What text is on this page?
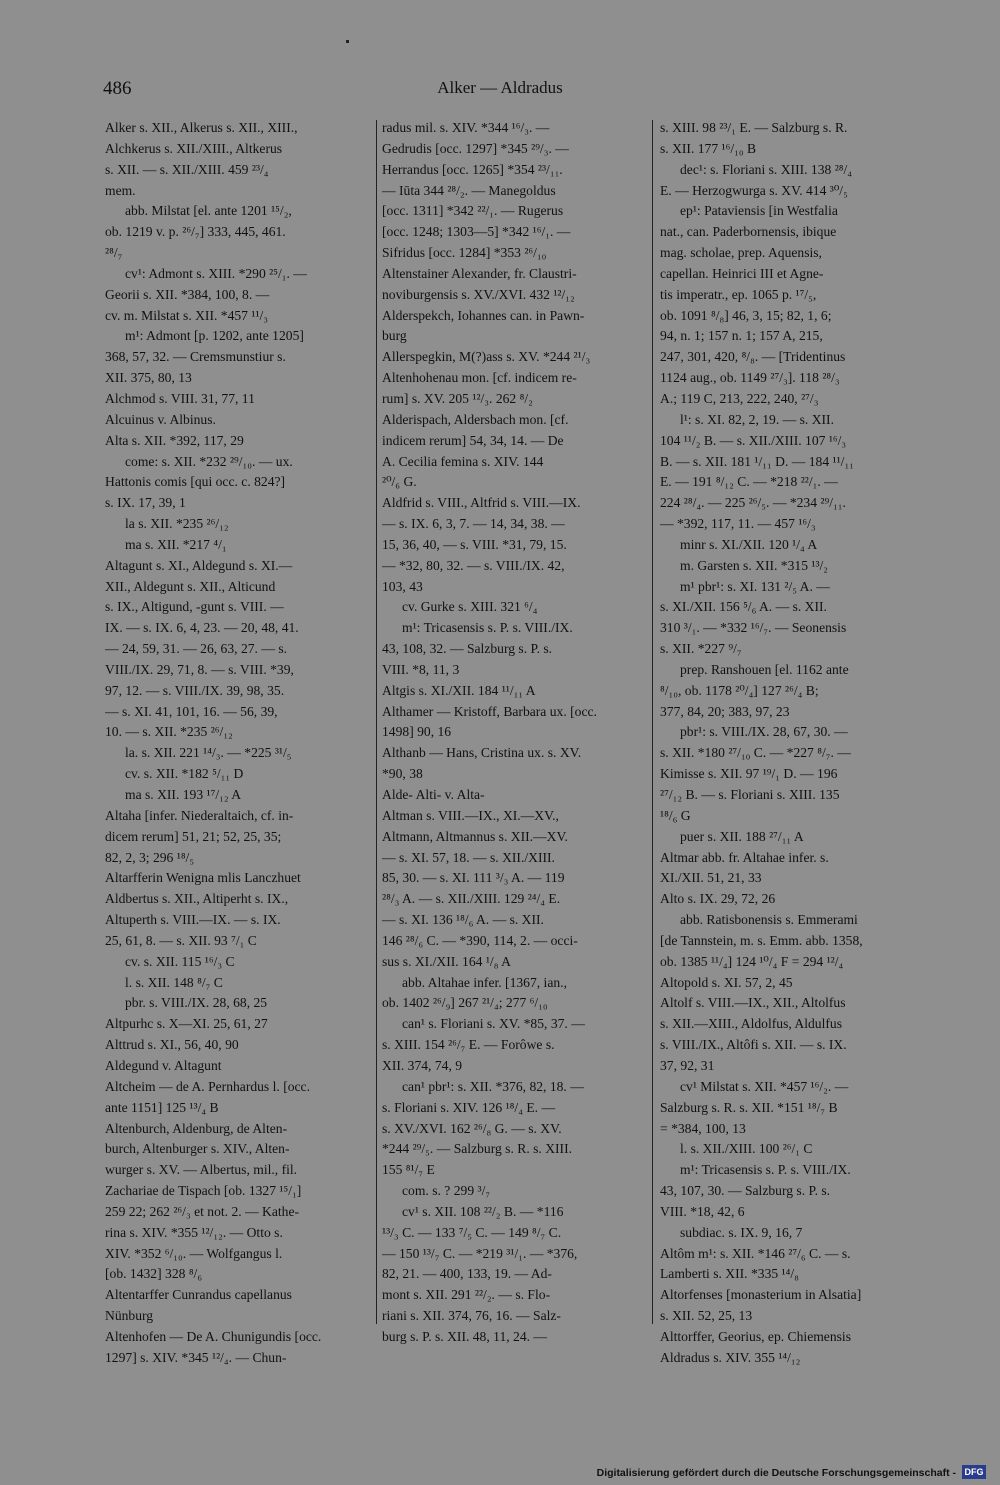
486	Alker — Aldradus
Alker s. XII., Alkerus s. XII., XIII.,
Alchkerus s. XII./XIII., Altkerus
s. XII. — s. XII./XIII. 459 ²³/₄
mem.
abb. Milstat [el. ante 1201 ¹⁵/₂,
ob. 1219 v. p. ²⁶/₇] 333, 445, 461.
²⁸/₇
cv¹: Admont s. XIII. *290 ²⁵/₁. —
Georii s. XII. *384, 100, 8. —
cv. m. Milstat s. XII. *457 ¹¹/₃
m¹: Admont [p. 1202, ante 1205]
368, 57, 32. — Cremsmunstiur s.
XII. 375, 80, 13
Alchmod s. VIII. 31, 77, 11
Alcuinus v. Albinus.
Alta s. XII. *392, 117, 29
come: s. XII. *232 ²⁹/₁₀. — ux.
Hattonis comis [qui occ. c. 824?]
s. IX. 17, 39, 1
la s. XII. *235 ²⁶/₁₂
ma s. XII. *217 ⁴/₁
Altagunt s. XI., Aldegund s. XI.—
XII., Aldegunt s. XII., Alticund
s. IX., Altigund, -gunt s. VIII. —
IX. — s. IX. 6, 4, 23. — 20, 48, 41.
— 24, 59, 31. — 26, 63, 27. — s.
VIII./IX. 29, 71, 8. — s. VIII. *39,
97, 12. — s. VIII./IX. 39, 98, 35.
— s. XI. 41, 101, 16. — 56, 39,
10. — s. XII. *235 ²⁶/₁₂
la. s. XII. 221 ¹⁴/₃. — *225 ³¹/₅
cv. s. XII. *182 ⁵/₁₁ D
ma s. XII. 193 ¹⁷/₁₂ A
Altaha [infer. Niederaltaich, cf. in-
dicem rerum] 51, 21; 52, 25, 35;
82, 2, 3; 296 ¹⁸/₅
Altarfferin Wenigna mlis Lanczhuet
Aldbertus s. XII., Altiperht s. IX.,
Altuperth s. VIII.—IX. — s. IX.
25, 61, 8. — s. XII. 93 ⁷/₁ C
cv. s. XII. 115 ¹⁶/₃ C
l. s. XII. 148 ⁸/₇ C
pbr. s. VIII./IX. 28, 68, 25
Altpurhc s. X—XI. 25, 61, 27
Alttrud s. XI., 56, 40, 90
Aldegund v. Altagunt
Altcheim — de A. Pernhardus l. [occ.
ante 1151] 125 ¹³/₄ B
Altenburch, Aldenburg, de Alten-
burch, Altenburger s. XIV., Alten-
wurger s. XV. — Albertus, mil., fil.
Zachariae de Tispach [ob. 1327 ¹⁵/₁]
259 22; 262 ²⁶/₃ et not. 2. — Kathe-
rina s. XIV. *355 ¹²/₁₂. — Otto s.
XIV. *352 ⁶/₁₀. — Wolfgangus l.
[ob. 1432] 328 ⁸/₆
Altentarffer Cunrandus capellanus
Nünburg
Altenhofen — De A. Chunigundis [occ.
1297] s. XIV. *345 ¹²/₄. — Chun-
radus mil. s. XIV. *344 ¹⁶/₃. —
Gedrudis [occ. 1297] *345 ²⁹/₃. —
Herrandus [occ. 1265] *354 ²³/₁₁.
— Iūta 344 ²⁸/₂. — Manegoldus
[occ. 1311] *342 ²²/₁. — Rugerus
[occ. 1248; 1303—5] *342 ¹⁶/₁. —
Sifridus [occ. 1284] *353 ²⁶/₁₀
Altenstainer Alexander, fr. Claustri-
noviburgensis s. XV./XVI. 432 ¹²/₁₂
Alderspekch, Iohannes can. in Pawn-
burg
Allerspegkin, M(?)ass s. XV. *244 ²¹/₃
Altenhohenau mon. [cf. indicem re-
rum] s. XV. 205 ¹²/₃. 262 ⁸/₂
Alderispach, Aldersbach mon. [cf.
indicem rerum] 54, 34, 14. — De
A. Cecilia femina s. XIV. 144
²⁰/₆ G.
Aldfrid s. VIII., Altfrid s. VIII.—IX.
— s. IX. 6, 3, 7. — 14, 34, 38. —
15, 36, 40, — s. VIII. *31, 79, 15.
— *32, 80, 32. — s. VIII./IX. 42,
103, 43
cv. Gurke s. XIII. 321 ⁶/₄
m¹: Tricasensis s. P. s. VIII./IX.
43, 108, 32. — Salzburg s. P. s.
VIII. *8, 11, 3
Altgis s. XI./XII. 184 ¹¹/₁₁ A
Althamer — Kristoff, Barbara ux. [occ.
1498] 90, 16
Althanb — Hans, Cristina ux. s. XV.
*90, 38
Alde- Alti- v. Alta-
Altman s. VIII.—IX., XI.—XV.,
Altmann, Altmannus s. XII.—XV.
— s. XI. 57, 18. — s. XII./XIII.
85, 30. — s. XI. 111 ³/₃ A. — 119
²⁸/₃ A. — s. XII./XIII. 129 ²⁴/₄ E.
— s. XI. 136 ¹⁸/₆ A. — s. XII.
146 ²⁸/₆ C. — *390, 114, 2. — occi-
sus s. XI./XII. 164 ¹/₈ A
abb. Altahae infer. [1367, ian.,
ob. 1402 ²⁶/₉] 267 ²¹/₄; 277 ⁶/₁₀
can¹ s. Floriani s. XV. *85, 37. —
s. XIII. 154 ²⁶/₇ E. — Forôwe s.
XII. 374, 74, 9
can¹ pbr¹: s. XII. *376, 82, 18. —
s. Floriani s. XIV. 126 ¹⁸/₄ E. —
s. XV./XVI. 162 ²⁶/₈ G. — s. XV.
*244 ²⁹/₅. — Salzburg s. R. s. XIII.
155 ⁸¹/₇ E
com. s. ? 299 ³/₇
cv¹ s. XII. 108 ²²/₂ B. — *116
¹³/₃ C. — 133 ⁷/₅ C. — 149 ⁸/₇ C.
— 150 ¹³/₇ C. — *219 ³¹/₁. — *376,
82, 21. — 400, 133, 19. — Ad-
mont s. XII. 291 ²²/₂. — s. Flo-
riani s. XII. 374, 76, 16. — Salz-
burg s. P. s. XII. 48, 11, 24. —
s. XIII. 98 ²³/₁ E. — Salzburg s. R.
s. XII. 177 ¹⁶/₁₀ B
dec¹: s. Floriani s. XIII. 138 ²⁸/₄
E. — Herzogwurga s. XV. 414 ³⁰/₅
ep¹: Pataviensis [in Westfalia
nat., can. Paderbornensis, ibique
mag. scholae, prep. Aquensis,
capellan. Heinrici III et Agne-
tis imperatr., ep. 1065 p. ¹⁷/₅,
ob. 1091 ⁸/₈] 46, 3, 15; 82, 1, 6;
94, n. 1; 157 n. 1; 157 A, 215,
247, 301, 420, ⁸/₈. — [Tridentinus
1124 aug., ob. 1149 ²⁷/₃]. 118 ²⁸/₃
A.; 119 C, 213, 222, 240, ²⁷/₃
l¹: s. XI. 82, 2, 19. — s. XII.
104 ¹¹/₂ B. — s. XII./XIII. 107 ¹⁶/₃
B. — s. XII. 181 ¹/₁₁ D. — 184 ¹¹/₁₁
E. — 191 ⁸/₁₂ C. — *218 ²²/₁. —
224 ²⁸/₄. — 225 ²⁶/₅. — *234 ²⁹/₁₁.
— *392, 117, 11. — 457 ¹⁶/₃
minr s. XI./XII. 120 ¹/₄ A
m. Garsten s. XII. *315 ¹³/₂
m¹ pbr¹: s. XI. 131 ²/₅ A. —
s. XI./XII. 156 ⁵/₆ A. — s. XII.
310 ³/₁. — *332 ¹⁶/₇. — Seonensis
s. XII. *227 ⁹/₇
prep. Ranshouen [el. 1162 ante
⁸/₁₀, ob. 1178 ²⁰/₄] 127 ²⁶/₄ B;
377, 84, 20; 383, 97, 23
pbr¹: s. VIII./IX. 28, 67, 30. —
s. XII. *180 ²⁷/₁₀ C. — *227 ⁸/₇. —
Kimisse s. XII. 97 ¹⁹/₁ D. — 196
²⁷/₁₂ B. — s. Floriani s. XIII. 135
¹⁸/₆ G
puer s. XII. 188 ²⁷/₁₁ A
Altmar abb. fr. Altahae infer. s.
XI./XII. 51, 21, 33
Alto s. IX. 29, 72, 26
abb. Ratisbonensis s. Emmerami
[de Tannstein, m. s. Emm. abb. 1358,
ob. 1385 ¹¹/₄] 124 ¹⁰/₄ F = 294 ¹²/₄
Altopold s. XI. 57, 2, 45
Altolf s. VIII.—IX., XII., Altolfus
s. XII.—XIII., Aldolfus, Aldulfus
s. VIII./IX., Altôfi s. XII. — s. IX.
37, 92, 31
cv¹ Milstat s. XII. *457 ¹⁶/₂. —
Salzburg s. R. s. XII. *151 ¹⁸/₇ B
= *384, 100, 13
l. s. XII./XIII. 100 ²⁶/₁ C
m¹: Tricasensis s. P. s. VIII./IX.
43, 107, 30. — Salzburg s. P. s.
VIII. *18, 42, 6
subdiac. s. IX. 9, 16, 7
Altôm m¹: s. XII. *146 ²⁷/₆ C. — s.
Lamberti s. XII. *335 ¹⁴/₈
Altorfenses [monasterium in Alsatia]
s. XII. 52, 25, 13
Alttorffer, Georius, ep. Chiemensis
Aldradus s. XIV. 355 ¹⁴/₁₂
Digitalisierung gefördert durch die Deutsche Forschungsgemeinschaft - DFG
